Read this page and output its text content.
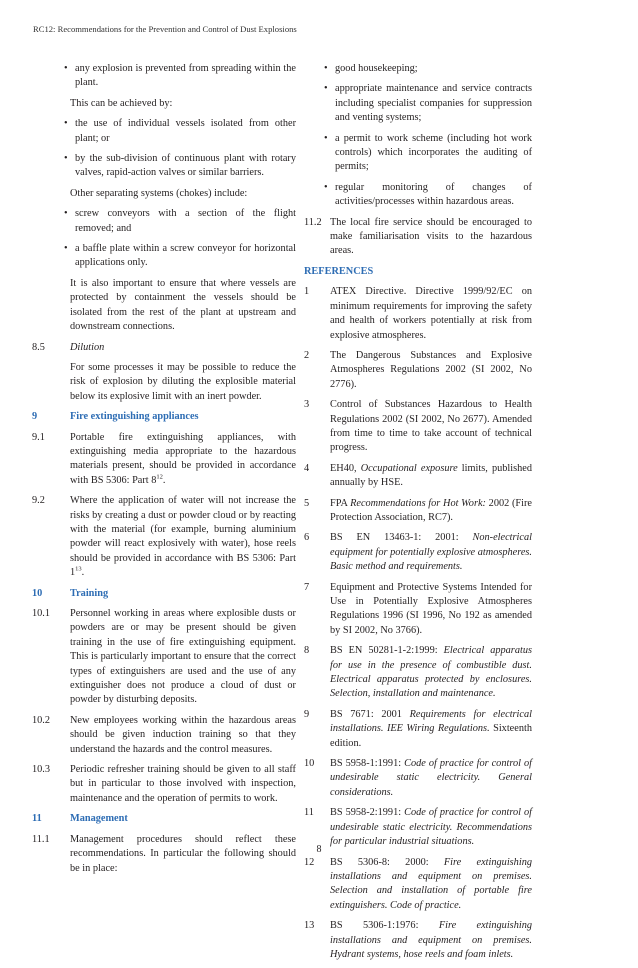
RC12: Recommendations for the Prevention and Control of Dust Explosions
• any explosion is prevented from spreading within the plant.
This can be achieved by:
• the use of individual vessels isolated from other plant; or
• by the sub-division of continuous plant with rotary valves, rapid-action valves or similar barriers.
Other separating systems (chokes) include:
• screw conveyors with a section of the flight removed; and
• a baffle plate within a screw conveyor for horizontal applications only.
It is also important to ensure that where vessels are protected by containment the vessels should be isolated from the rest of the plant at upstream and downstream connections.
8.5	Dilution
For some processes it may be possible to reduce the risk of explosion by diluting the explosible material below its explosive limit with an inert powder.
9	Fire extinguishing appliances
9.1	Portable fire extinguishing appliances, with extinguishing media appropriate to the hazardous materials present, should be provided in accordance with BS 5306: Part $8^{12}$.
9.2	Where the application of water will not increase the risks by creating a dust or powder cloud or by reacting with the material (for example, burning aluminium powder will react explosively with water), hose reels should be provided in accordance with BS 5306: Part $1^{13}$.
10	Training
10.1	Personnel working in areas where explosible dusts or powders are or may be present should be given training in the use of fire extinguishing equipment. This is particularly important to ensure that the correct types of extinguishers are used and the use of any extinguisher does not produce a cloud of dust or powder by disturbing deposits.
10.2	New employees working within the hazardous areas should be given induction training so that they understand the hazards and the control measures.
10.3	Periodic refresher training should be given to all staff but in particular to those involved with inspection, maintenance and the operation of permits to work.
11	Management
11.1	Management procedures should reflect these recommendations. In particular the following should be in place:
• good housekeeping;
• appropriate maintenance and service contracts including specialist companies for suppression and venting systems;
• a permit to work scheme (including hot work controls) which incorporates the auditing of permits;
• regular monitoring of changes of activities/processes within hazardous areas.
11.2 The local fire service should be encouraged to make familiarisation visits to the hazardous areas.
REFERENCES
1	ATEX Directive. Directive 1999/92/EC on minimum requirements for improving the safety and health of workers potentially at risk from explosive atmospheres.
2	The Dangerous Substances and Explosive Atmospheres Regulations 2002 (SI 2002, No 2776).
3	Control of Substances Hazardous to Health Regulations 2002 (SI 2002, No 2677). Amended from time to time to take account of technical progress.
4	EH40, Occupational exposure limits, published annually by HSE.
5	FPA Recommendations for Hot Work: 2002 (Fire Protection Association, RC7).
6	BS EN 13463-1: 2001: Non-electrical equipment for potentially explosive atmospheres. Basic method and requirements.
7	Equipment and Protective Systems Intended for Use in Potentially Explosive Atmospheres Regulations 1996 (SI 1996, No 192 as amended by SI 2002, No 3766).
8	BS EN 50281-1-2:1999: Electrical apparatus for use in the presence of combustible dust. Electrical apparatus protected by enclosures. Selection, installation and maintenance.
9	BS 7671: 2001 Requirements for electrical installations. IEE Wiring Regulations. Sixteenth edition.
10	BS 5958-1:1991: Code of practice for control of undesirable static electricity. General considerations.
11	BS 5958-2:1991: Code of practice for control of undesirable static electricity. Recommendations for particular industrial situations.
12	BS 5306-8: 2000: Fire extinguishing installations and equipment on premises. Selection and installation of portable fire extinguishers. Code of practice.
13	BS 5306-1:1976: Fire extinguishing installations and equipment on premises. Hydrant systems, hose reels and foam inlets.
8
